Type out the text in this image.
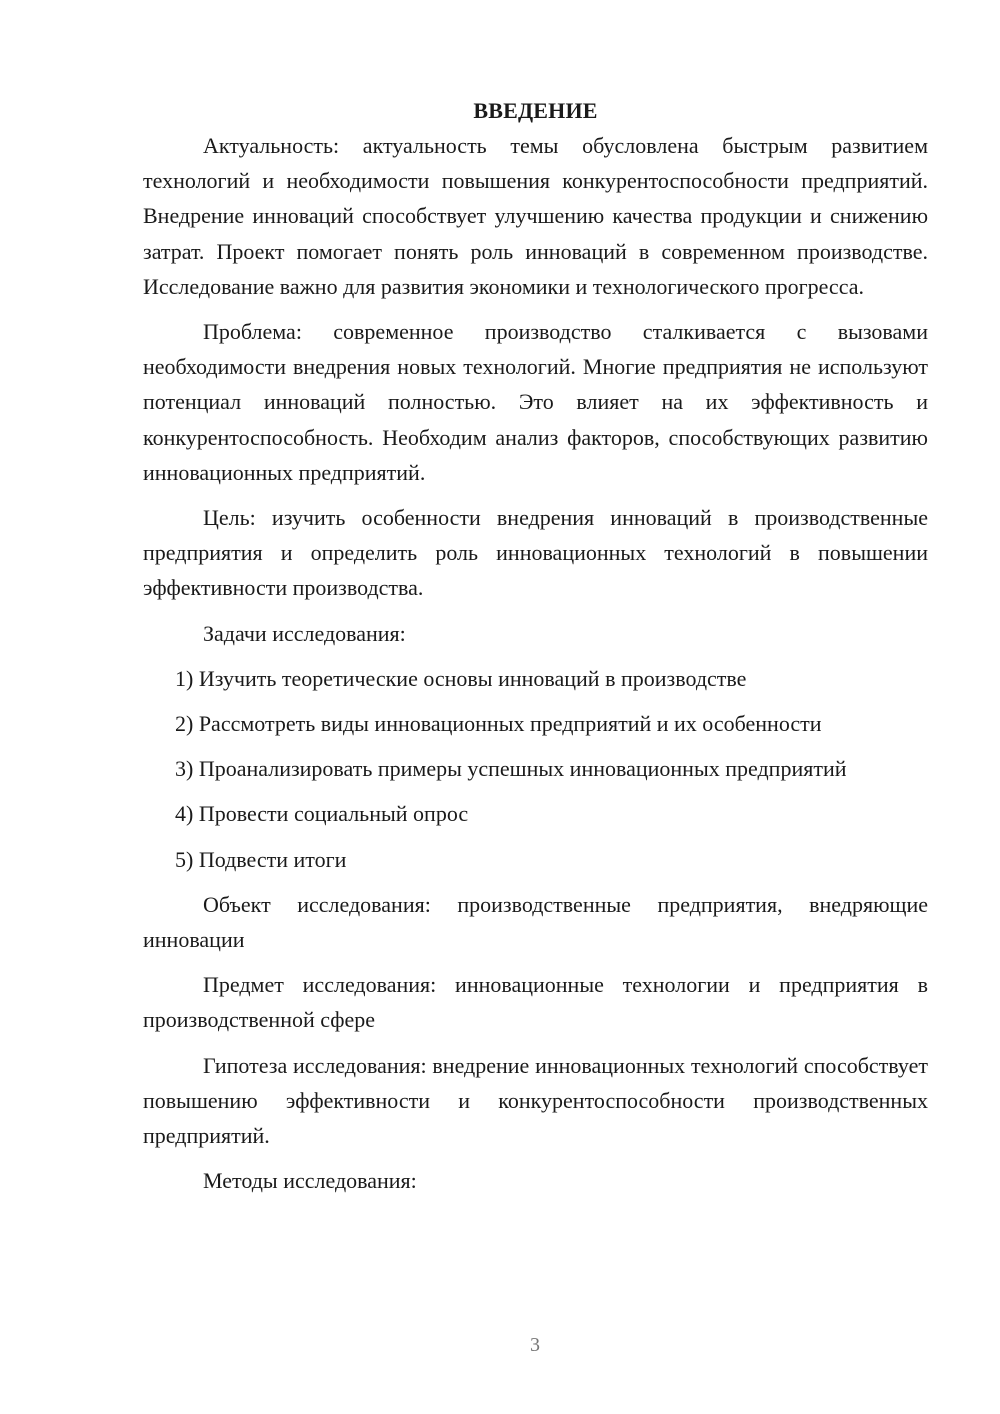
ВВЕДЕНИЕ

Актуальность: актуальность темы обусловлена быстрым развитием технологий и необходимости повышения конкурентоспособности предприятий. Внедрение инноваций способствует улучшению качества продукции и снижению затрат. Проект помогает понять роль инноваций в современном производстве. Исследование важно для развития экономики и технологического прогресса.

Проблема: современное производство сталкивается с вызовами необходимости внедрения новых технологий. Многие предприятия не используют потенциал инноваций полностью. Это влияет на их эффективность и конкурентоспособность. Необходим анализ факторов, способствующих развитию инновационных предприятий.

Цель: изучить особенности внедрения инноваций в производственные предприятия и определить роль инновационных технологий в повышении эффективности производства.

Задачи исследования:

1) Изучить теоретические основы инноваций в производстве

2) Рассмотреть виды инновационных предприятий и их особенности

3) Проанализировать примеры успешных инновационных предприятий

4) Провести социальный опрос

5) Подвести итоги

Объект исследования: производственные предприятия, внедряющие инновации

Предмет исследования: инновационные технологии и предприятия в производственной сфере

Гипотеза исследования: внедрение инновационных технологий способствует повышению эффективности и конкурентоспособности производственных предприятий.

Методы исследования:

3
